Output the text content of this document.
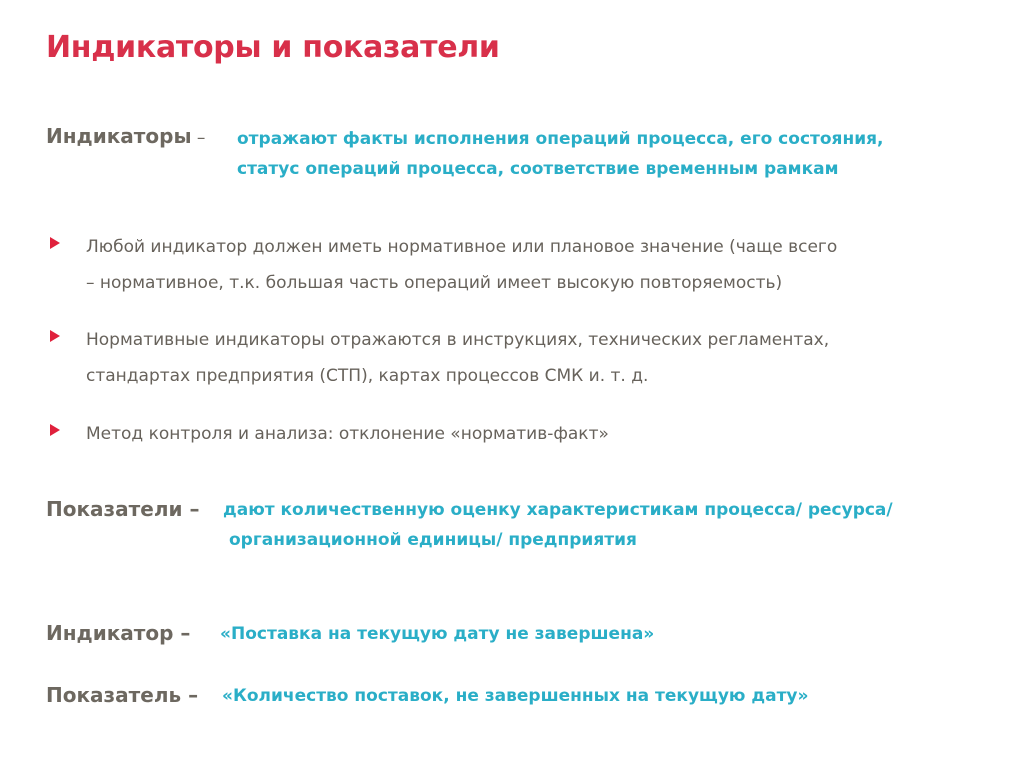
Индикаторы и показатели
Индикаторы – отражают факты исполнения операций процесса, его состояния,
статус операций процесса, соответствие временным рамкам
Любой индикатор должен иметь нормативное или плановое значение (чаще всего
– нормативное, т.к. большая часть операций имеет высокую повторяемость)
Нормативные индикаторы отражаются в инструкциях, технических регламентах,
стандартах предприятия (СТП), картах процессов СМК и. т. д.
Метод контроля и анализа: отклонение «норматив-факт»
Показатели – дают количественную оценку характеристикам процесса/ ресурса/
организационной единицы/ предприятия
Индикатор – «Поставка на текущую дату не завершена»
Показатель – «Количество поставок, не завершенных на текущую дату»
